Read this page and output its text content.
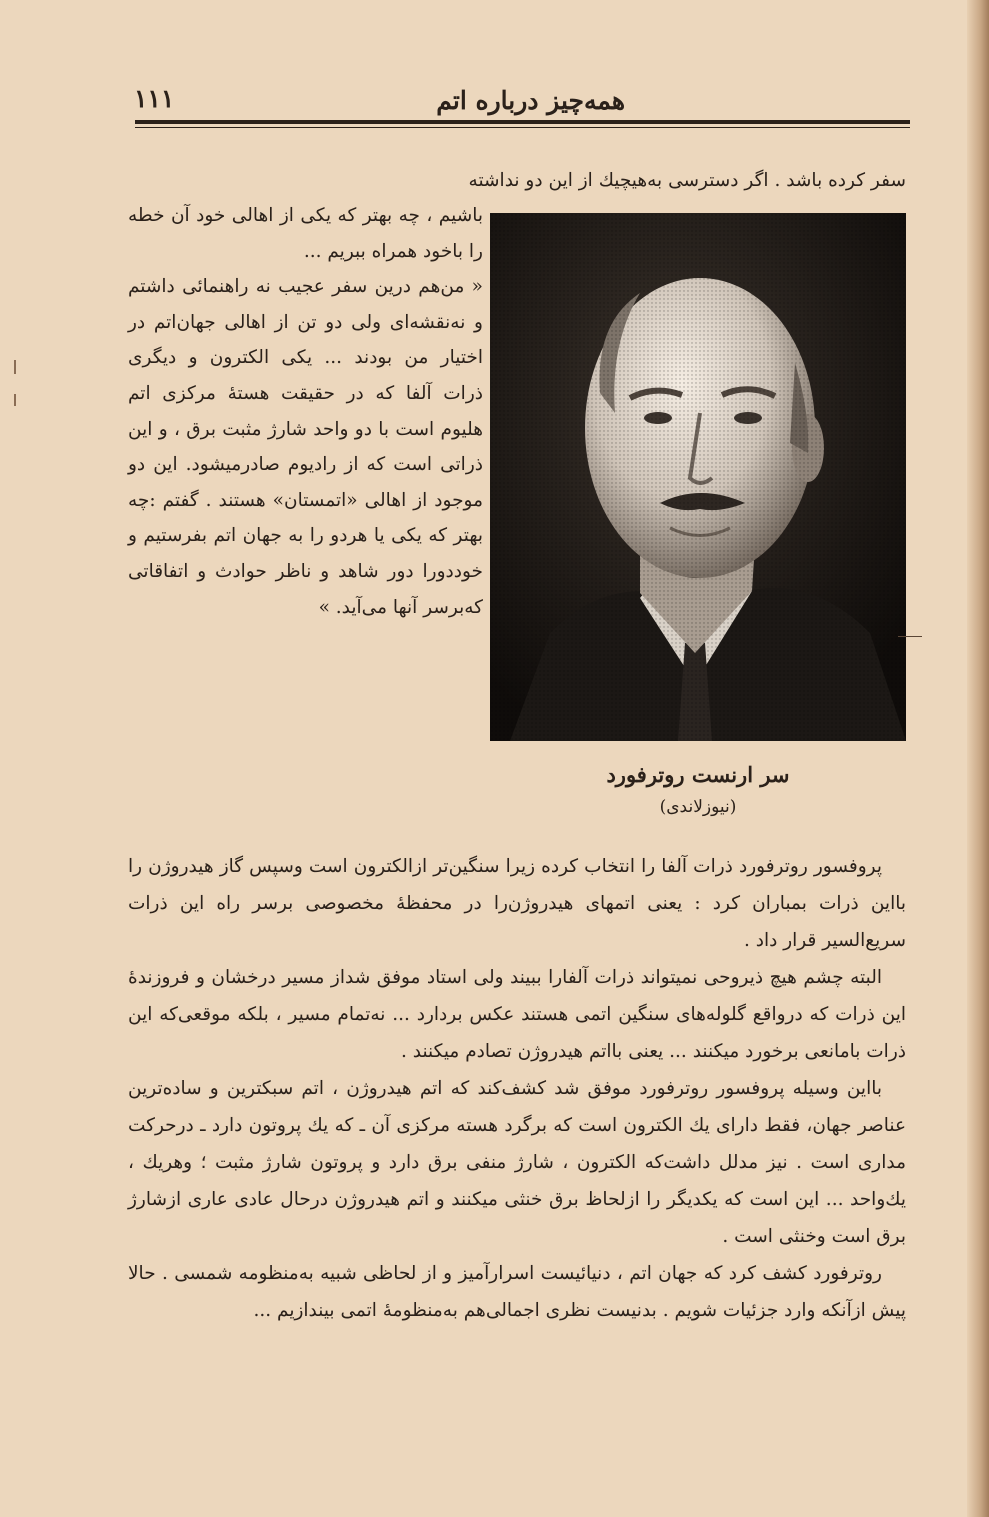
همه‌چیز درباره اتم
۱۱۱
سفر کرده باشد . اگر دسترسی به‌هیچیك از این دو نداشته

باشیم ، چه بهتر که یکی از اهالی خود آن خطه را باخود همراه ببریم ...

« من‌هم درین سفر عجیب نه راهنمائی داشتم و نه‌نقشه‌ای ولی دو تن از اهالی جهان‌اتم در اختیار من بودند ... یکی الکترون و دیگری ذرات آلفا که در حقیقت هستهٔ مرکزی اتم هلیوم است با دو واحد شارژ مثبت برق ، و این ذراتی است که از رادیوم صادرمیشود. این دو موجود از اهالی «اتمستان» هستند . گفتم :چه بهتر که یکی یا هردو را به جهان اتم بفرستیم و خوددورا دور شاهد و ناظر حوادث و اتفاقاتی که‌برسر آنها می‌آید. »

سر ارنست روترفورد
(نیوزلاندی)

پروفسور روترفورد ذرات آلفا را انتخاب کرده زیرا سنگین‌تر ازالکترون است وسپس گاز هیدروژن را بااین ذرات بمباران کرد : یعنی اتمهای هیدروژن‌را در محفظهٔ مخصوصی برسر راه این ذرات سریع‌السیر قرار داد .

البته چشم هیچ ذیروحی نمیتواند ذرات آلفارا ببیند ولی استاد موفق شداز مسیر درخشان و فروزندهٔ این ذرات که درواقع گلوله‌های سنگین اتمی هستند عکس بردارد ... نه‌تمام مسیر ، بلکه موقعی‌که این ذرات بامانعی برخورد میکنند ... یعنی بااتم هیدروژن تصادم میکنند .

بااین وسیله پروفسور روترفورد موفق شد کشف‌کند که اتم هیدروژن ، اتم سبکترین و ساده‌ترین عناصر جهان، فقط دارای یك الکترون است که برگرد هسته مرکزی آن ـ که یك پروتون دارد ـ درحرکت مداری است . نیز مدلل داشت‌که الکترون ، شارژ منفی برق دارد و پروتون شارژ مثبت ؛ وهریك ، یك‌واحد ... این است که یکدیگر را ازلحاظ برق خنثی میکنند و اتم هیدروژن درحال عادی عاری ازشارژ برق است وخنثی است .

روترفورد کشف کرد که جهان اتم ، دنیائیست اسرارآمیز و از لحاظی شبیه به‌منظومه شمسی . حالا پیش ازآنکه وارد جزئیات شویم . بدنیست نظری اجمالی‌هم به‌منظومهٔ اتمی بیندازیم ...
